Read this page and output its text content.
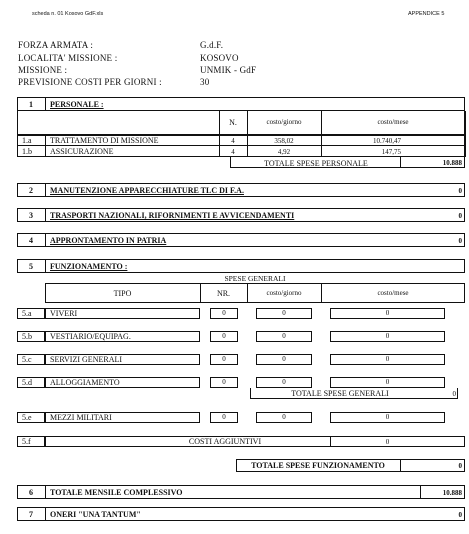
scheda n. 01 Kosovo GdF.xls	APPENDICE 5
FORZA ARMATA :	G.d.F.
LOCALITA' MISSIONE :	KOSOVO
MISSIONE :	UNMIK - GdF
PREVISIONE COSTI PER GIORNI :	30
1 PERSONALE :
N.	costo/giorno	costo/mese
1.a TRATTAMENTO DI MISSIONE	4	358,02	10.740,47
1.b ASSICURAZIONE	4	4,92	147,75
TOTALE SPESE PERSONALE	10.888
2 MANUTENZIONE APPARECCHIATURE TLC DI F.A.	0
3 TRASPORTI NAZIONALI, RIFORNIMENTI E AVVICENDAMENTI	0
4 APPRONTAMENTO IN PATRIA	0
5 FUNZIONAMENTO :
SPESE GENERALI
TIPO	NR.	costo/giorno	costo/mese
5.a VIVERI	0	0	0
5.b VESTIARIO/EQUIPAG.	0	0	0
5.c SERVIZI GENERALI	0	0	0
5.d ALLOGGIAMENTO	0	0	0
TOTALE SPESE GENERALI	0
5.e MEZZI MILITARI	0	0	0
5.f	COSTI AGGIUNTIVI	0
TOTALE SPESE FUNZIONAMENTO	0
6 TOTALE MENSILE COMPLESSIVO	10.888
7 ONERI "UNA TANTUM"	0
